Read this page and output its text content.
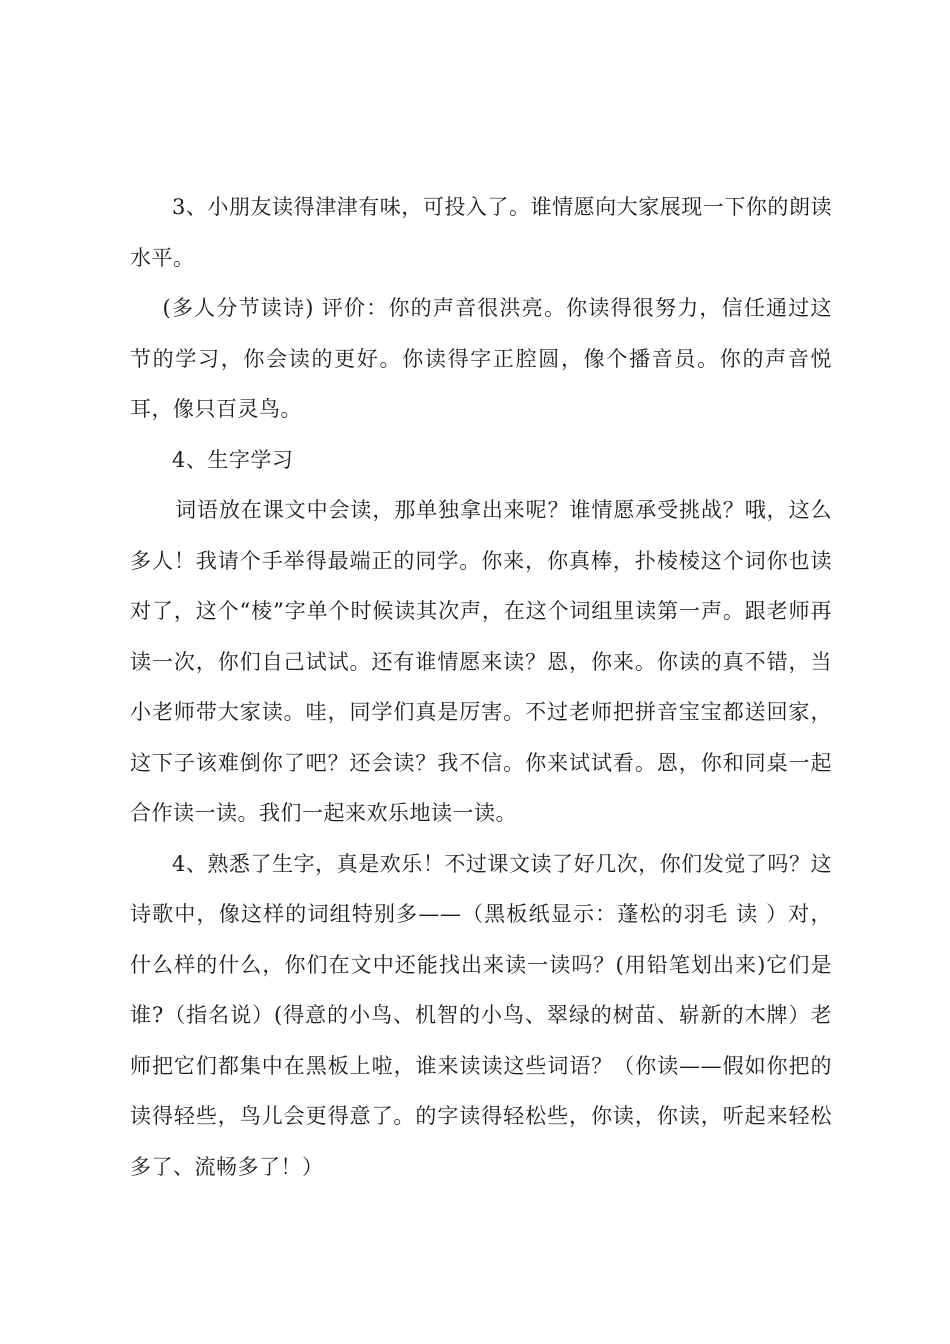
3、小朋友读得津津有味，可投入了。谁情愿向大家展现一下你的朗读水平。

(多人分节读诗) 评价：你的声音很洪亮。你读得很努力，信任通过这节的学习，你会读的更好。你读得字正腔圆，像个播音员。你的声音悦耳，像只百灵鸟。

4、生字学习

词语放在课文中会读，那单独拿出来呢？谁情愿承受挑战？哦，这么多人！我请个手举得最端正的同学。你来，你真棒，扑棱棱这个词你也读对了，这个“棱”字单个时候读其次声，在这个词组里读第一声。跟老师再读一次，你们自己试试。还有谁情愿来读？恩，你来。你读的真不错，当小老师带大家读。哇，同学们真是厉害。不过老师把拼音宝宝都送回家，这下子该难倒你了吧？还会读？我不信。你来试试看。恩，你和同桌一起合作读一读。我们一起来欢乐地读一读。

4、熟悉了生字，真是欢乐！不过课文读了好几次，你们发觉了吗？这诗歌中，像这样的词组特别多——（黑板纸显示：蓬松的羽毛 读 ）对，什么样的什么，你们在文中还能找出来读一读吗？(用铅笔划出来)它们是谁?（指名说）(得意的小鸟、机智的小鸟、翠绿的树苗、崭新的木牌）老师把它们都集中在黑板上啦，谁来读读这些词语？（你读——假如你把的读得轻些，鸟儿会更得意了。的字读得轻松些，你读，你读，听起来轻松多了、流畅多了！）
